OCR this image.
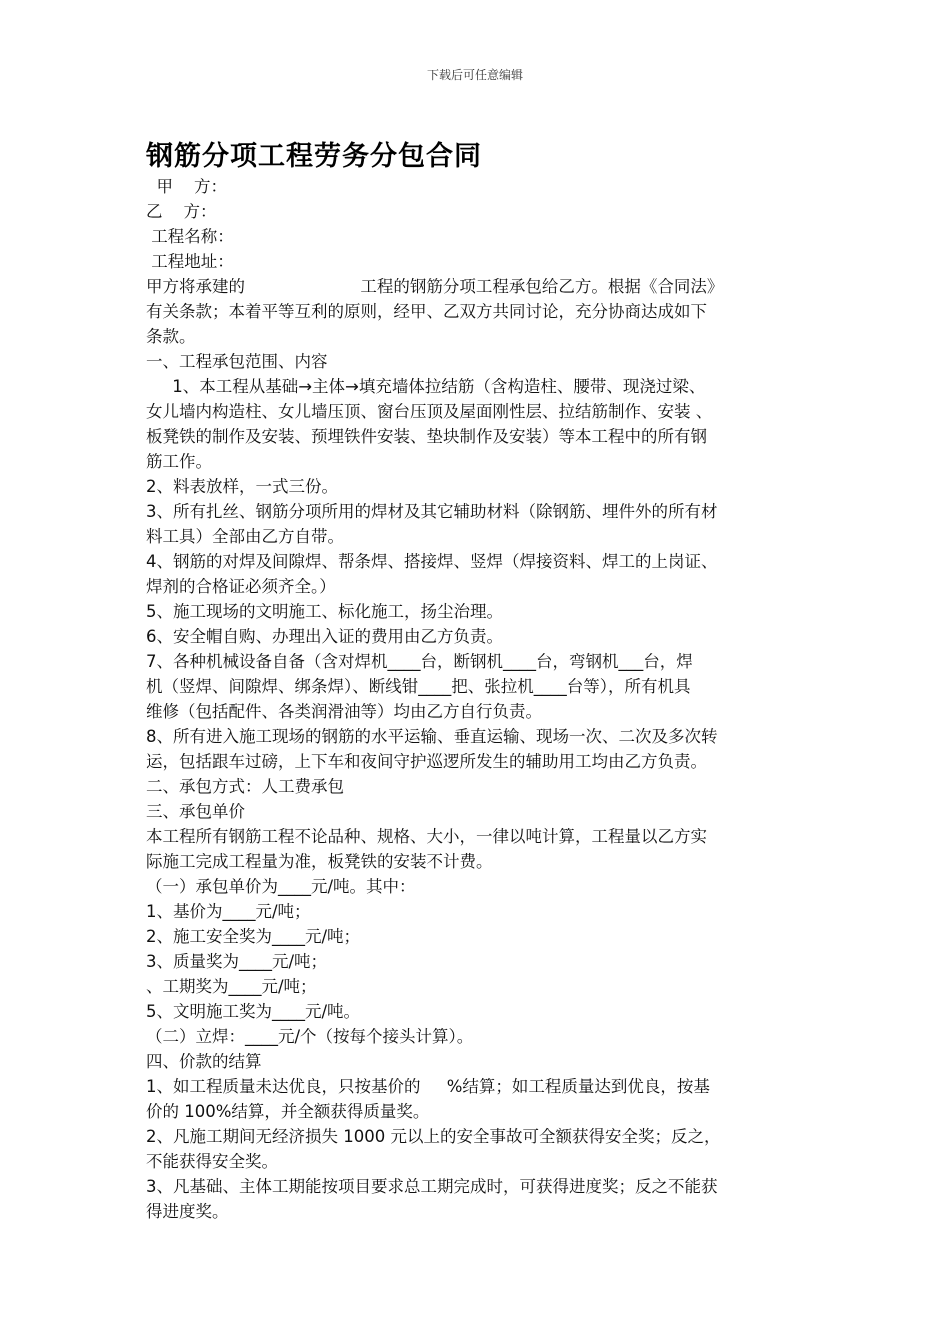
下载后可任意编辑
钢筋分项工程劳务分包合同
甲    方：
乙    方：
工程名称：
工程地址：
甲方将承建的                      工程的钢筋分项工程承包给乙方。根据《合同法》
有关条款；本着平等互利的原则，经甲、乙双方共同讨论，充分协商达成如下
条款。
一、工程承包范围、内容
1、本工程从基础→主体→填充墙体拉结筋（含构造柱、腰带、现浇过梁、
女儿墙内构造柱、女儿墙压顶、窗台压顶及屋面刚性层、拉结筋制作、安装 、
板凳铁的制作及安装、预埋铁件安装、垫块制作及安装）等本工程中的所有钢
筋工作。
2、料表放样，一式三份。
3、所有扎丝、钢筋分项所用的焊材及其它辅助材料（除钢筋、埋件外的所有材
料工具）全部由乙方自带。
4、钢筋的对焊及间隙焊、帮条焊、搭接焊、竖焊（焊接资料、焊工的上岗证、
焊剂的合格证必须齐全。）
5、施工现场的文明施工、标化施工，扬尘治理。
6、安全帽自购、办理出入证的费用由乙方负责。
7、各种机械设备自备（含对焊机____台，断钢机____台，弯钢机___台，焊
机（竖焊、间隙焊、绑条焊）、断线钳____把、张拉机____台等），所有机具
维修（包括配件、各类润滑油等）均由乙方自行负责。
8、所有进入施工现场的钢筋的水平运输、垂直运输、现场一次、二次及多次转
运，包括跟车过磅，上下车和夜间守护巡逻所发生的辅助用工均由乙方负责。
二、承包方式：人工费承包
三、承包单价
本工程所有钢筋工程不论品种、规格、大小，一律以吨计算，工程量以乙方实
际施工完成工程量为准，板凳铁的安装不计费。
（一）承包单价为____元/吨。其中：
1、基价为____元/吨；
2、施工安全奖为____元/吨；
3、质量奖为____元/吨；
、工期奖为____元/吨；
5、文明施工奖为____元/吨。
（二）立焊：____元/个（按每个接头计算）。
四、价款的结算
1、如工程质量未达优良，只按基价的     %结算；如工程质量达到优良，按基
价的 100%结算，并全额获得质量奖。
2、凡施工期间无经济损失 1000 元以上的安全事故可全额获得安全奖；反之，
不能获得安全奖。
3、凡基础、主体工期能按项目要求总工期完成时，可获得进度奖；反之不能获
得进度奖。
